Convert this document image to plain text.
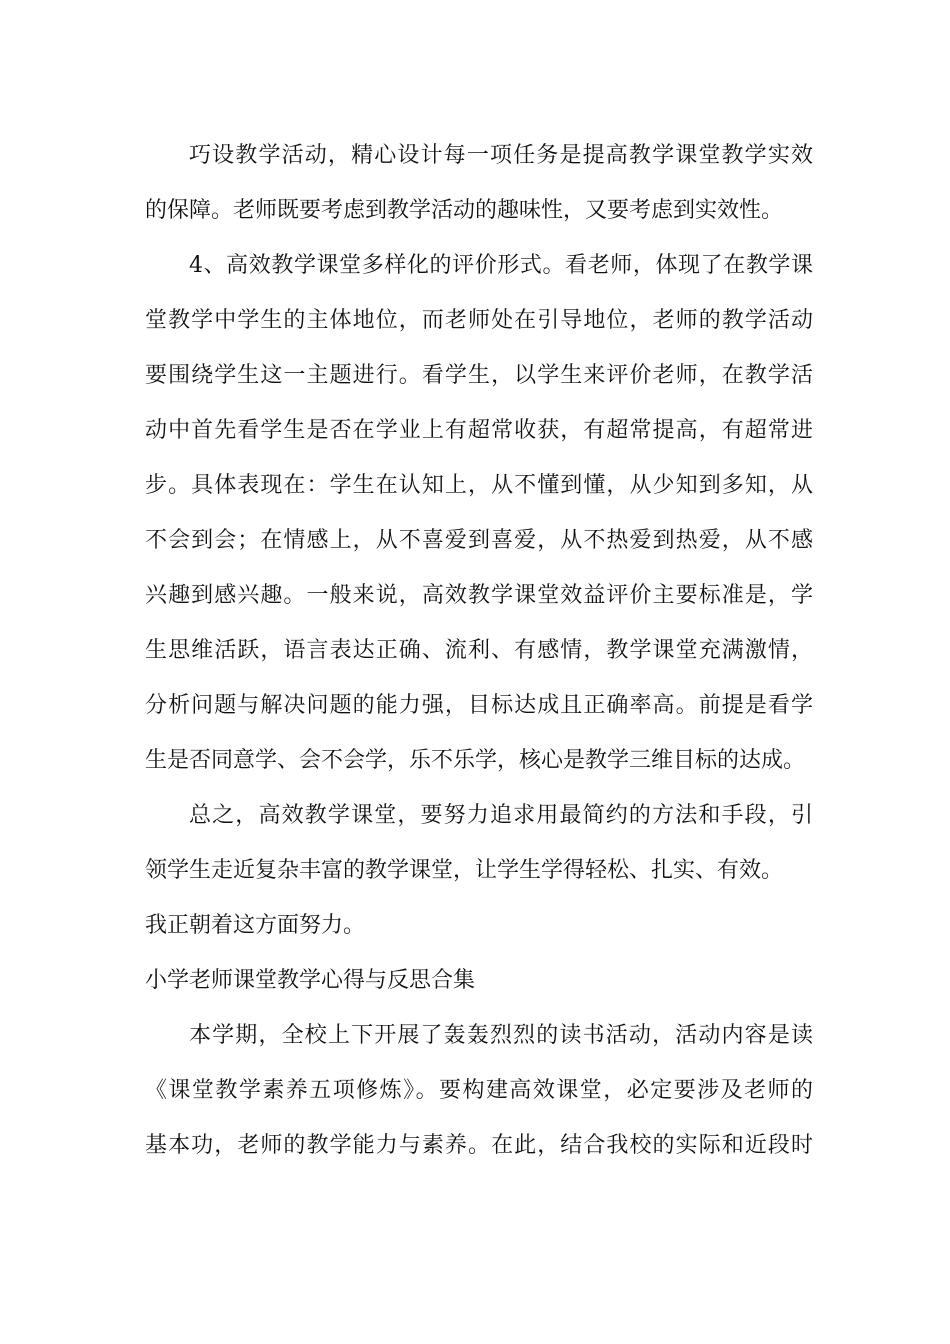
巧设教学活动，精心设计每一项任务是提高教学课堂教学实效
的保障。老师既要考虑到教学活动的趣味性，又要考虑到实效性。
4、高效教学课堂多样化的评价形式。看老师，体现了在教学课
堂教学中学生的主体地位，而老师处在引导地位，老师的教学活动
要围绕学生这一主题进行。看学生，以学生来评价老师，在教学活
动中首先看学生是否在学业上有超常收获，有超常提高，有超常进
步。具体表现在：学生在认知上，从不懂到懂，从少知到多知，从
不会到会；在情感上，从不喜爱到喜爱，从不热爱到热爱，从不感
兴趣到感兴趣。一般来说，高效教学课堂效益评价主要标准是，学
生思维活跃，语言表达正确、流利、有感情，教学课堂充满激情，
分析问题与解决问题的能力强，目标达成且正确率高。前提是看学
生是否同意学、会不会学，乐不乐学，核心是教学三维目标的达成。
总之，高效教学课堂，要努力追求用最简约的方法和手段，引
领学生走近复杂丰富的教学课堂，让学生学得轻松、扎实、有效。
我正朝着这方面努力。
小学老师课堂教学心得与反思合集
本学期，全校上下开展了轰轰烈烈的读书活动，活动内容是读
《课堂教学素养五项修炼》。要构建高效课堂，必定要涉及老师的
基本功，老师的教学能力与素养。在此，结合我校的实际和近段时
